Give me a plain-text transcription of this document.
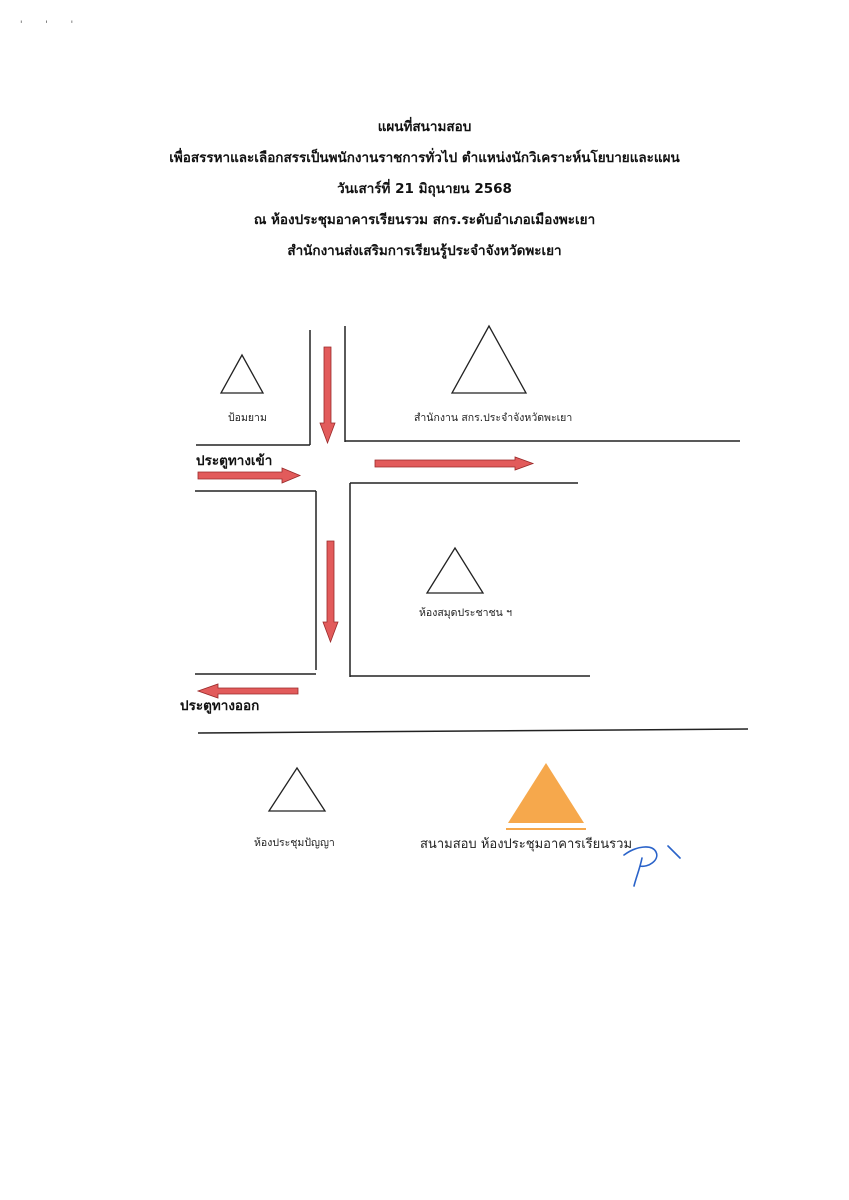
' ' '
แผนที่สนามสอบ
เพื่อสรรหาและเลือกสรรเป็นพนักงานราชการทั่วไป ตำแหน่งนักวิเคราะห์นโยบายและแผน
วันเสาร์ที่ 21 มิถุนายน 2568
ณ ห้องประชุมอาคารเรียนรวม สกร.ระดับอำเภอเมืองพะเยา
สำนักงานส่งเสริมการเรียนรู้ประจำจังหวัดพะเยา
ป้อมยาม	สำนักงาน สกร.ประจำจังหวัดพะเยา
ห้องสมุดประชาชน ฯ
ห้องประชุมปัญญา	สนามสอบ ห้องประชุมอาคารเรียนรวม
ประตูทางเข้า
ประตูทางออก
